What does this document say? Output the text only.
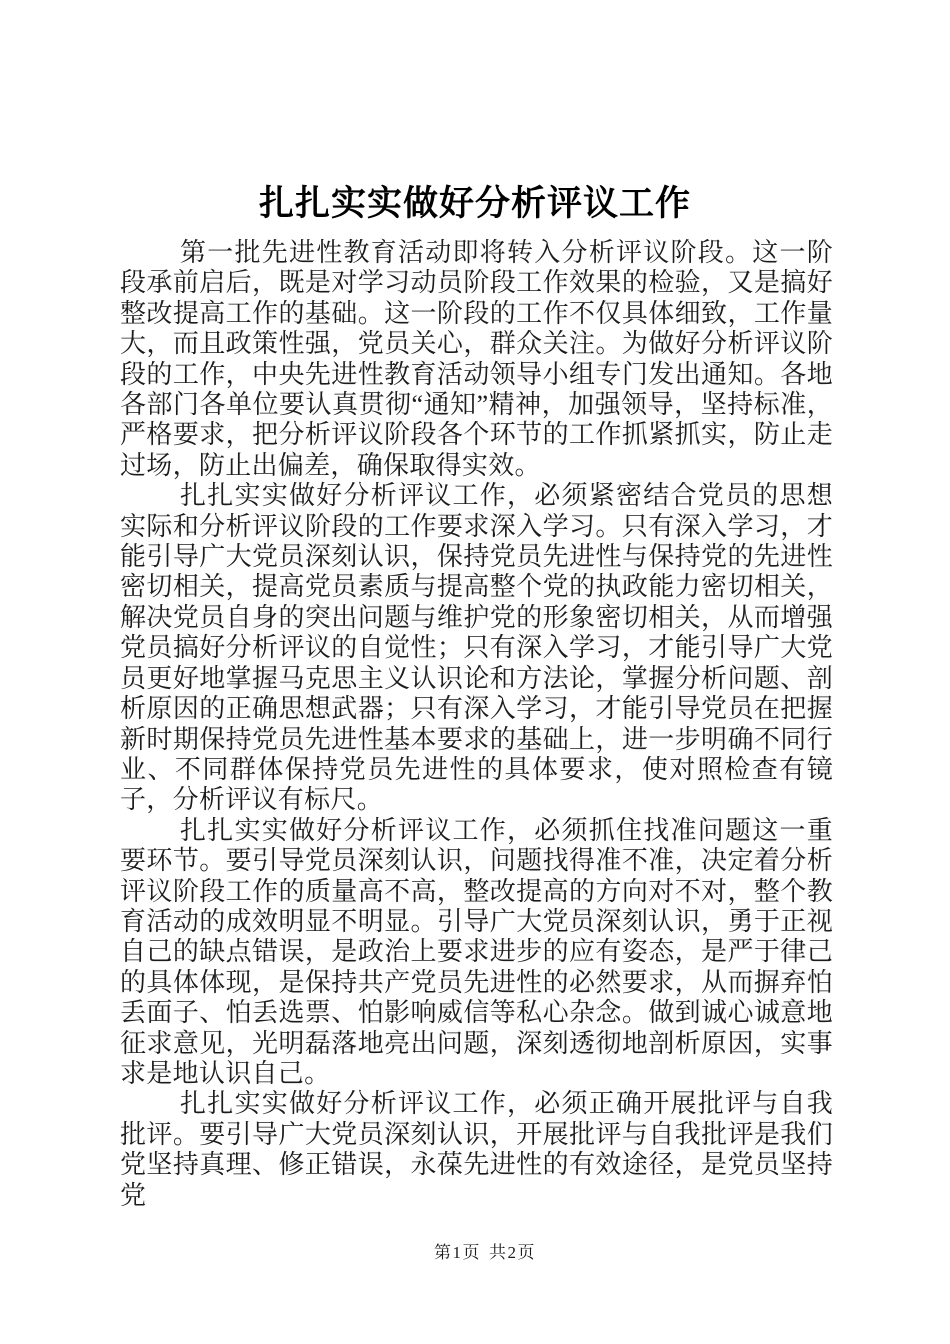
扎扎实实做好分析评议工作

第一批先进性教育活动即将转入分析评议阶段。这一阶段承前启后，既是对学习动员阶段工作效果的检验，又是搞好整改提高工作的基础。这一阶段的工作不仅具体细致，工作量大，而且政策性强，党员关心，群众关注。为做好分析评议阶段的工作，中央先进性教育活动领导小组专门发出通知。各地各部门各单位要认真贯彻“通知”精神，加强领导，坚持标准，严格要求，把分析评议阶段各个环节的工作抓紧抓实，防止走过场，防止出偏差，确保取得实效。

扎扎实实做好分析评议工作，必须紧密结合党员的思想实际和分析评议阶段的工作要求深入学习。只有深入学习，才能引导广大党员深刻认识，保持党员先进性与保持党的先进性密切相关，提高党员素质与提高整个党的执政能力密切相关，解决党员自身的突出问题与维护党的形象密切相关，从而增强党员搞好分析评议的自觉性；只有深入学习，才能引导广大党员更好地掌握马克思主义认识论和方法论，掌握分析问题、剖析原因的正确思想武器；只有深入学习，才能引导党员在把握新时期保持党员先进性基本要求的基础上，进一步明确不同行业、不同群体保持党员先进性的具体要求，使对照检查有镜子，分析评议有标尺。

扎扎实实做好分析评议工作，必须抓住找准问题这一重要环节。要引导党员深刻认识，问题找得准不准，决定着分析评议阶段工作的质量高不高，整改提高的方向对不对，整个教育活动的成效明显不明显。引导广大党员深刻认识，勇于正视自己的缺点错误，是政治上要求进步的应有姿态，是严于律己的具体体现，是保持共产党员先进性的必然要求，从而摒弃怕丢面子、怕丢选票、怕影响威信等私心杂念。做到诚心诚意地征求意见，光明磊落地亮出问题，深刻透彻地剖析原因，实事求是地认识自己。

扎扎实实做好分析评议工作，必须正确开展批评与自我批评。要引导广大党员深刻认识，开展批评与自我批评是我们党坚持真理、修正错误，永葆先进性的有效途径，是党员坚持党

第1页 共2页
